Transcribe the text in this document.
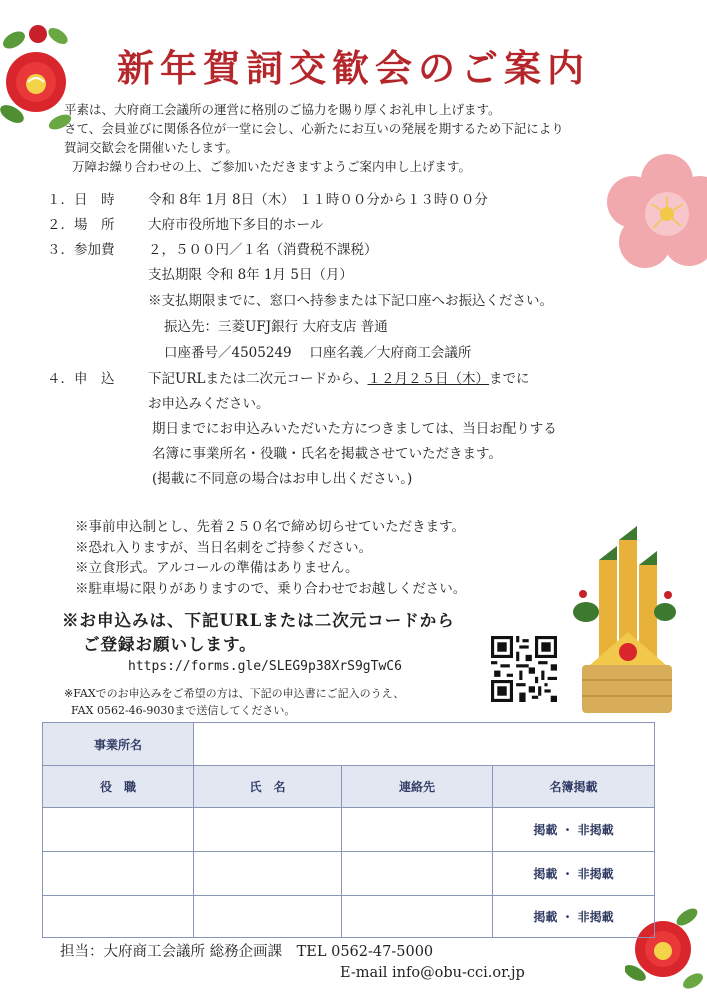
新年賀詞交歓会のご案内
平素は、大府商工会議所の運営に格別のご協力を賜り厚くお礼申し上げます。
さて、会員並びに関係各位が一堂に会し、心新たにお互いの発展を期するため下記により
賀詞交歓会を開催いたします。
万障お繰り合わせの上、ご参加いただきますようご案内申し上げます。
１．日　時 令和 8年 1月 8日（木） １１時００分から１３時００分
２．場　所 大府市役所地下多目的ホール
３．参加費 ２，５００円／１名（消費税不課税）
支払期限 令和 8年 1月 5日（月）
※支払期限までに、窓口へ持参または下記口座へお振込ください。
振込先：三菱UFJ銀行 大府支店 普通
口座番号／4505249　 口座名義／大府商工会議所
４．申　込 下記URLまたは二次元コードから、１２月２５日（木）までに
お申込みください。
期日までにお申込みいただいた方につきましては、当日お配りする
名簿に事業所名・役職・氏名を掲載させていただきます。
(掲載に不同意の場合はお申し出ください。)
※事前申込制とし、先着２５０名で締め切らせていただきます。
※恐れ入りますが、当日名刺をご持参ください。
※立食形式。アルコールの準備はありません。
※駐車場に限りがありますので、乗り合わせでお越しください。
※お申込みは、下記URLまたは二次元コードから
ご登録お願いします。
https://forms.gle/SLEG9p38XrS9gTwC6
※FAXでのお申込みをご希望の方は、下記の申込書にご記入のうえ、
FAX 0562-46-9030まで送信してください。
事業所名			
役　職	氏　名	連絡先	名簿掲載
			掲載 ・ 非掲載
			掲載 ・ 非掲載
			掲載 ・ 非掲載
担当：大府商工会議所 総務企画課　TEL 0562-47-5000
E-mail info@obu-cci.or.jp
